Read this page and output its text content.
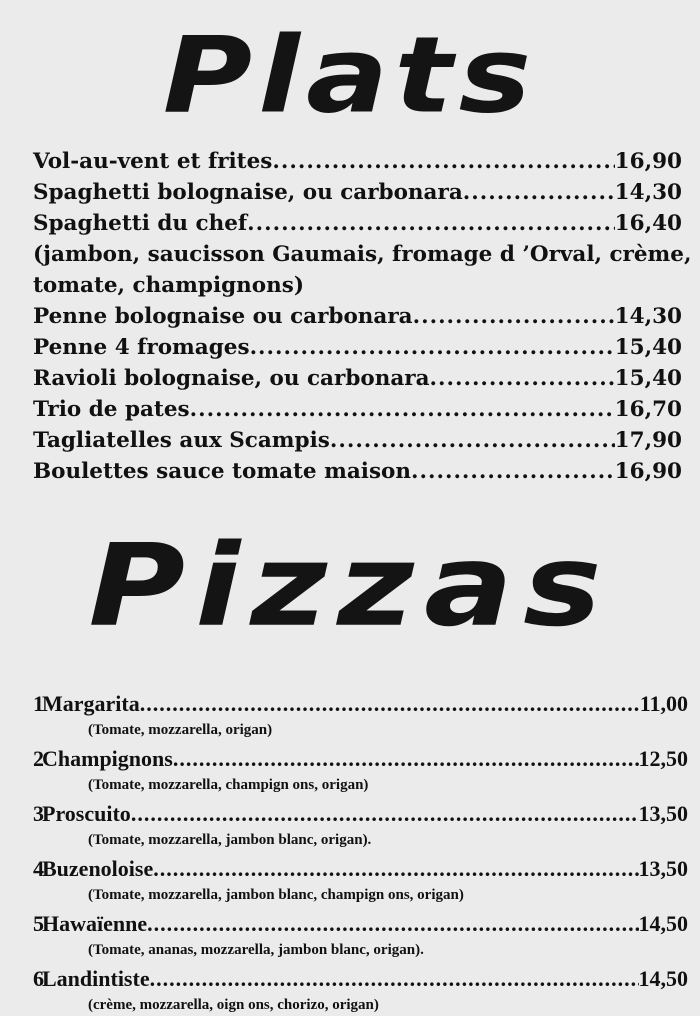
Plats
Vol-au-vent et frites .....	16,90
Spaghetti bolognaise, ou carbonara .....	14,30
Spaghetti du chef .....	16,40
(jambon, saucisson Gaumais, fromage d ’Orval, crème,
tomate, champignons)
Penne bolognaise ou carbonara .....	14,30
Penne 4 fromages .....	15,40
Ravioli bolognaise, ou carbonara .....	15,40
Trio de pates .....	16,70
Tagliatelles aux Scampis .....	17,90
Boulettes sauce tomate maison .....	16,90
Pizzas
1Margarita .....	11,00
(Tomate, mozzarella, origan)
2Champignons .....	12,50
(Tomate, mozzarella, champign ons, origan)
3Proscuito .....	13,50
(Tomate, mozzarella, jambon blanc, origan).
4Buzenoloise .....	13,50
(Tomate, mozzarella, jambon blanc, champign ons, origan)
5Hawaïenne .....	14,50
(Tomate, ananas, mozzarella, jambon blanc, origan).
6Landintiste .....	14,50
(crème, mozzarella, oign ons, chorizo, origan)
